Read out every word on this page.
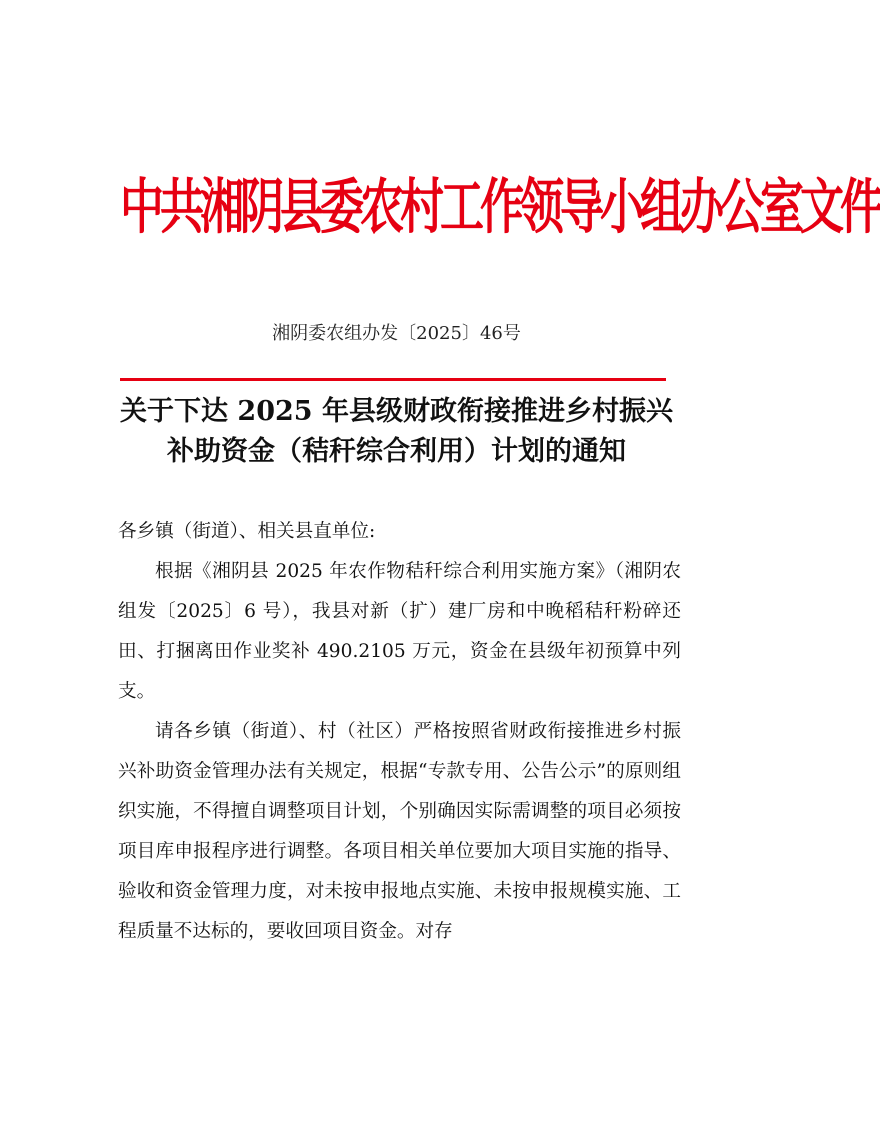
中共湘阴县委农村工作领导小组办公室文件
湘阴委农组办发〔2025〕46号
关于下达 2025 年县级财政衔接推进乡村振兴
补助资金（秸秆综合利用）计划的通知

各乡镇（街道）、相关县直单位:

根据《湘阴县 2025 年农作物秸秆综合利用实施方案》（湘阴农组发〔2025〕6 号），我县对新（扩）建厂房和中晚稻秸秆粉碎还田、打捆离田作业奖补 490.2105 万元，资金在县级年初预算中列支。

请各乡镇（街道）、村（社区）严格按照省财政衔接推进乡村振兴补助资金管理办法有关规定，根据“专款专用、公告公示”的原则组织实施，不得擅自调整项目计划，个别确因实际需调整的项目必须按项目库申报程序进行调整。各项目相关单位要加大项目实施的指导、验收和资金管理力度，对未按申报地点实施、未按申报规模实施、工程质量不达标的，要收回项目资金。对存
